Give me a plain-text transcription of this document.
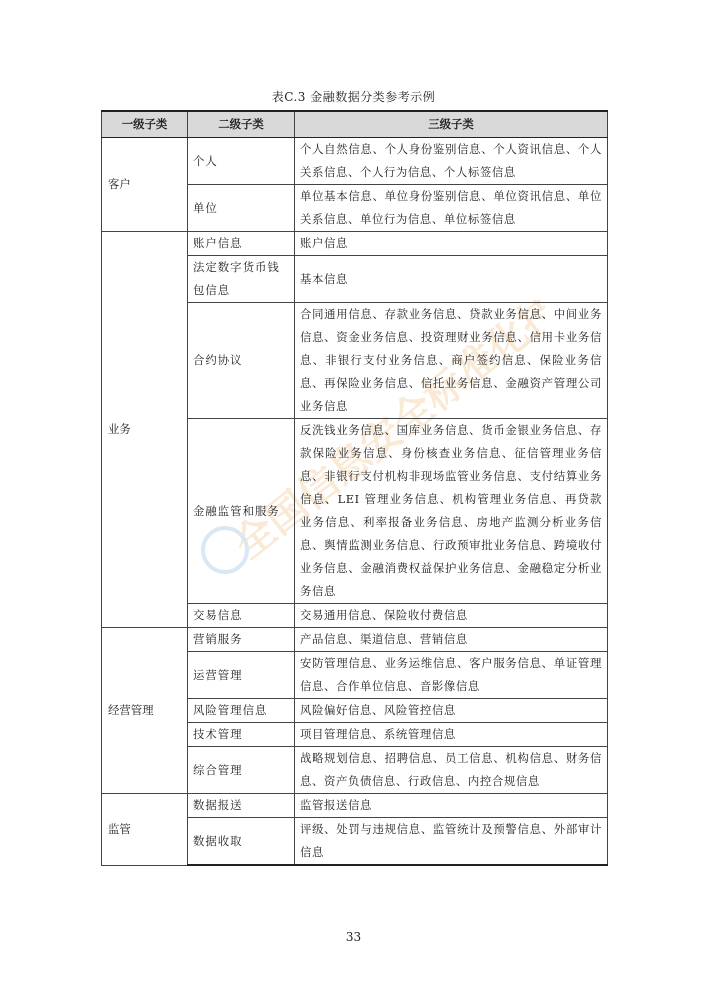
表C.3 金融数据分类参考示例
全国信息安全标准化技术委员会
一级子类	二级子类	三级子类
客户	个人	个人自然信息、个人身份鉴别信息、个人资讯信息、个人关系信息、个人行为信息、个人标签信息
	单位	单位基本信息、单位身份鉴别信息、单位资讯信息、单位关系信息、单位行为信息、单位标签信息
业务	账户信息	账户信息
	法定数字货币钱包信息	基本信息
	合约协议	合同通用信息、存款业务信息、贷款业务信息、中间业务信息、资金业务信息、投资理财业务信息、信用卡业务信息、非银行支付业务信息、商户签约信息、保险业务信息、再保险业务信息、信托业务信息、金融资产管理公司业务信息
	金融监管和服务	反洗钱业务信息、国库业务信息、货币金银业务信息、存款保险业务信息、身份核查业务信息、征信管理业务信息、非银行支付机构非现场监管业务信息、支付结算业务信息、LEI 管理业务信息、机构管理业务信息、再贷款业务信息、利率报备业务信息、房地产监测分析业务信息、舆情监测业务信息、行政预审批业务信息、跨境收付业务信息、金融消费权益保护业务信息、金融稳定分析业务信息
	交易信息	交易通用信息、保险收付费信息
经营管理	营销服务	产品信息、渠道信息、营销信息
	运营管理	安防管理信息、业务运维信息、客户服务信息、单证管理信息、合作单位信息、音影像信息
	风险管理信息	风险偏好信息、风险管控信息
	技术管理	项目管理信息、系统管理信息
	综合管理	战略规划信息、招聘信息、员工信息、机构信息、财务信息、资产负债信息、行政信息、内控合规信息
监管	数据报送	监管报送信息
	数据收取	评级、处罚与违规信息、监管统计及预警信息、外部审计信息
33
